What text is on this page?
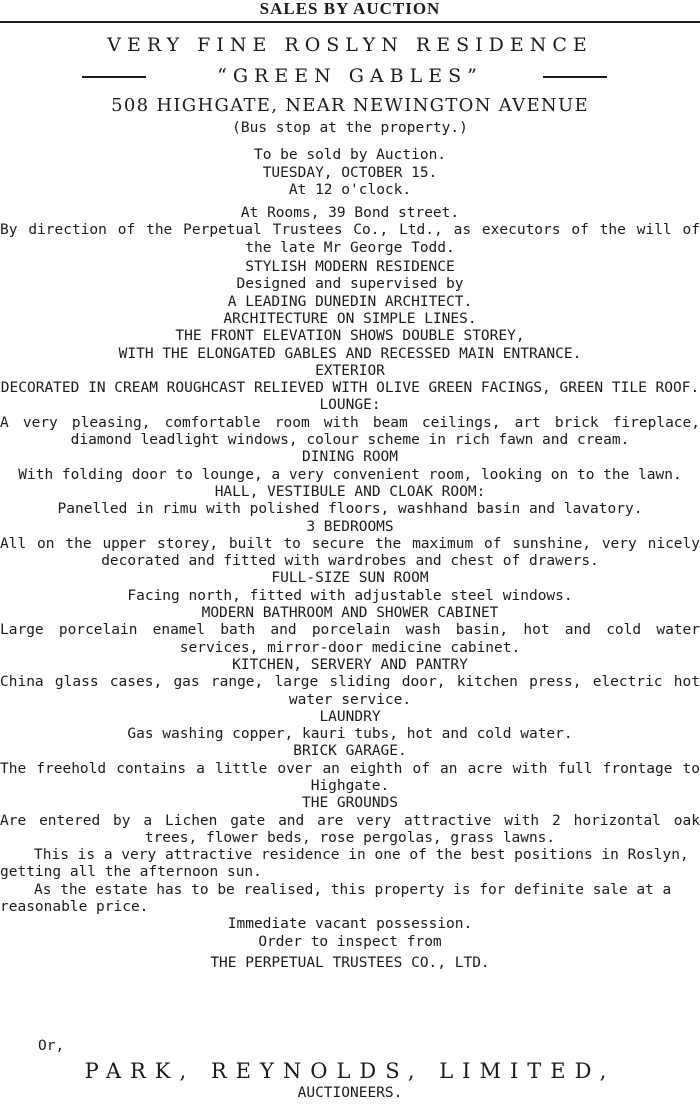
SALES BY AUCTION
VERY FINE ROSLYN RESIDENCE
“GREEN GABLES”
508 HIGHGATE, NEAR NEWINGTON AVENUE
(Bus stop at the property.)
To be sold by Auction.
TUESDAY, OCTOBER 15.
At 12 o'clock.
At Rooms, 39 Bond street.
By direction of the Perpetual Trustees Co., Ltd., as executors of the will of the late Mr George Todd.
STYLISH MODERN RESIDENCE
Designed and supervised by
A LEADING DUNEDIN ARCHITECT.
ARCHITECTURE ON SIMPLE LINES.
THE FRONT ELEVATION SHOWS DOUBLE STOREY,
WITH THE ELONGATED GABLES AND RECESSED MAIN ENTRANCE.
EXTERIOR
DECORATED IN CREAM ROUGHCAST RELIEVED WITH OLIVE GREEN FACINGS, GREEN TILE ROOF.
LOUNGE:
A very pleasing, comfortable room with beam ceilings, art brick fireplace, diamond leadlight windows, colour scheme in rich fawn and cream.
DINING ROOM
With folding door to lounge, a very convenient room, looking on to the lawn.
HALL, VESTIBULE AND CLOAK ROOM:
Panelled in rimu with polished floors, washhand basin and lavatory.
3 BEDROOMS
All on the upper storey, built to secure the maximum of sunshine, very nicely decorated and fitted with wardrobes and chest of drawers.
FULL-SIZE SUN ROOM
Facing north, fitted with adjustable steel windows.
MODERN BATHROOM AND SHOWER CABINET
Large porcelain enamel bath and porcelain wash basin, hot and cold water services, mirror-door medicine cabinet.
KITCHEN, SERVERY AND PANTRY
China glass cases, gas range, large sliding door, kitchen press, electric hot water service.
LAUNDRY
Gas washing copper, kauri tubs, hot and cold water.
BRICK GARAGE.
The freehold contains a little over an eighth of an acre with full frontage to Highgate.
THE GROUNDS
Are entered by a Lichen gate and are very attractive with 2 horizontal oak trees, flower beds, rose pergolas, grass lawns.
This is a very attractive residence in one of the best positions in Roslyn, getting all the afternoon sun.
As the estate has to be realised, this property is for definite sale at a reasonable price.
Immediate vacant possession.
Order to inspect from
THE PERPETUAL TRUSTEES CO., LTD.
Or,
PARK, REYNOLDS, LIMITED,
AUCTIONEERS.
